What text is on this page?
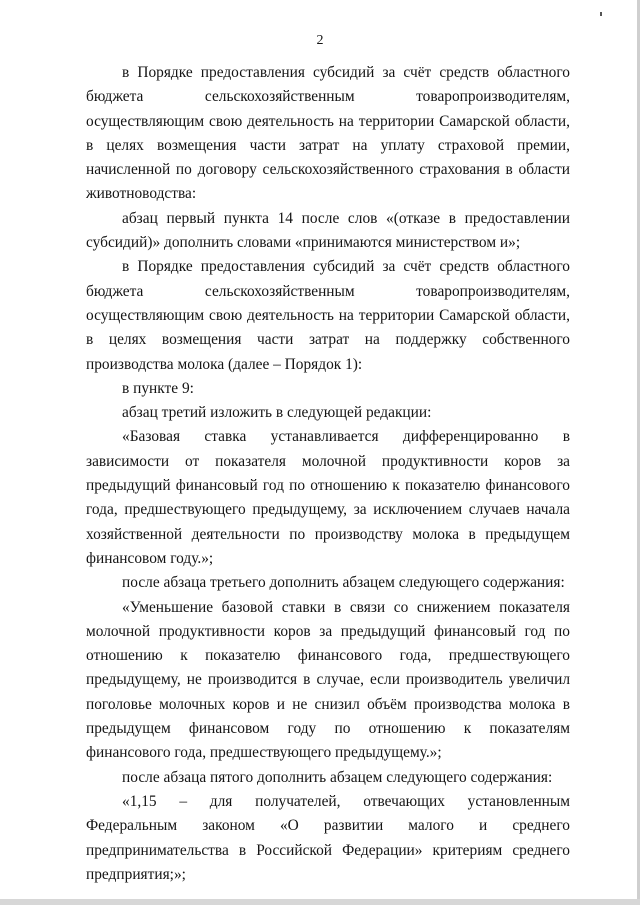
2

в Порядке предоставления субсидий за счёт средств областного бюджета сельскохозяйственным товаропроизводителям, осуществляющим свою деятельность на территории Самарской области, в целях возмещения части затрат на уплату страховой премии, начисленной по договору сельскохозяйственного страхования в области животноводства:

абзац первый пункта 14 после слов «(отказе в предоставлении субсидий)» дополнить словами «принимаются министерством и»;

в Порядке предоставления субсидий за счёт средств областного бюджета сельскохозяйственным товаропроизводителям, осуществляющим свою деятельность на территории Самарской области, в целях возмещения части затрат на поддержку собственного производства молока (далее – Порядок 1):

в пункте 9:

абзац третий изложить в следующей редакции:

«Базовая ставка устанавливается дифференцированно в зависимости от показателя молочной продуктивности коров за предыдущий финансовый год по отношению к показателю финансового года, предшествующего предыдущему, за исключением случаев начала хозяйственной деятельности по производству молока в предыдущем финансовом году.»;

после абзаца третьего дополнить абзацем следующего содержания:

«Уменьшение базовой ставки в связи со снижением показателя молочной продуктивности коров за предыдущий финансовый год по отношению к показателю финансового года, предшествующего предыдущему, не производится в случае, если производитель увеличил поголовье молочных коров и не снизил объём производства молока в предыдущем финансовом году по отношению к показателям финансового года, предшествующего предыдущему.»;

после абзаца пятого дополнить абзацем следующего содержания:

«1,15 – для получателей, отвечающих установленным Федеральным законом «О развитии малого и среднего предпринимательства в Российской Федерации» критериям среднего предприятия;»;
